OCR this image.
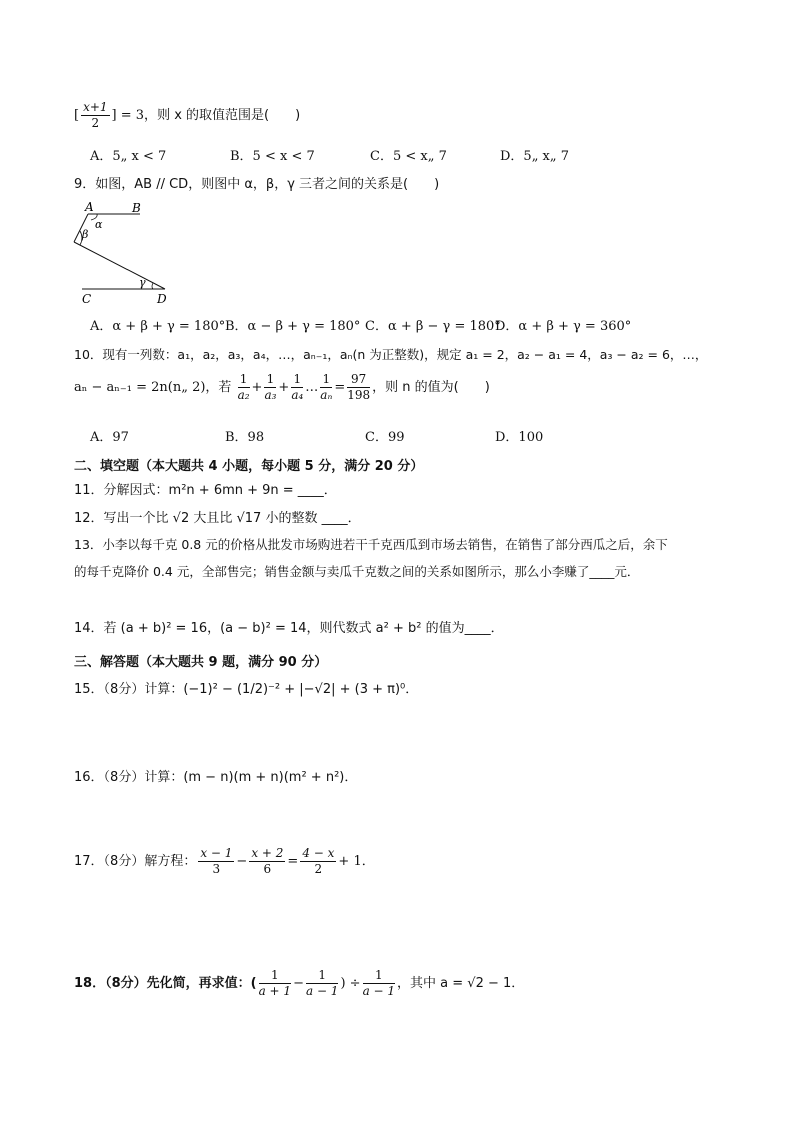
[ $\frac{x+1}{2}$ ] = 3，则 x 的取值范围是(　　)
A．5„ x < 7	B．5 < x < 7	C．5 < x„ 7	D．5„ x„ 7
9．如图，AB // CD，则图中 α，β，γ 三者之间的关系是(　　)
A	B
α
β
γ
C	D
A．α + β + γ = 180°B．α − β + γ = 180° C．α + β − γ = 180°D．α + β + γ = 360°
10．现有一列数：a₁，a₂，a₃，a₄，…，aₙ₋₁，aₙ(n 为正整数)，规定 a₁ = 2，a₂ − a₁ = 4，a₃ − a₂ = 6，…，
aₙ − aₙ₋₁ = 2n(n„ 2)，若 $\frac{1}{\text{a₂}} + \frac{1}{\text{a₃}} + \frac{1}{\text{a₄}}$ … $\frac{1}{\text{aₙ}} = \frac{97}{198}$ ，则 n 的值为(　　)
A．97	B．98	C．99	D．100
二、填空题（本大题共 4 小题，每小题 5 分，满分 20 分）
11．分解因式：m²n + 6mn + 9n = ____．
12．写出一个比 √2 大且比 √17 小的整数 ____．
13．小李以每千克 0.8 元的价格从批发市场购进若干千克西瓜到市场去销售，在销售了部分西瓜之后，余下
的每千克降价 0.4 元，全部售完；销售金额与卖瓜千克数之间的关系如图所示，那么小李赚了____元．
14．若 (a + b)² = 16，(a − b)² = 14，则代数式 a² + b² 的值为____．
三、解答题（本大题共 9 题，满分 90 分）
15．（8分）计算：(−1)² − (1/2)⁻² + |−√2| + (3 + π)⁰．
16．（8分）计算：(m − n)(m + n)(m² + n²)．
17．（8分）解方程： $\frac{x - 1}{3} - \frac{x + 2}{6} = \frac{4 - x}{2} + 1$．
18．（8分）先化简，再求值：( $\frac{1}{a + 1} - \frac{1}{a - 1}$ ) ÷ $\frac{1}{a - 1}$ ，其中 a = √2 − 1．
